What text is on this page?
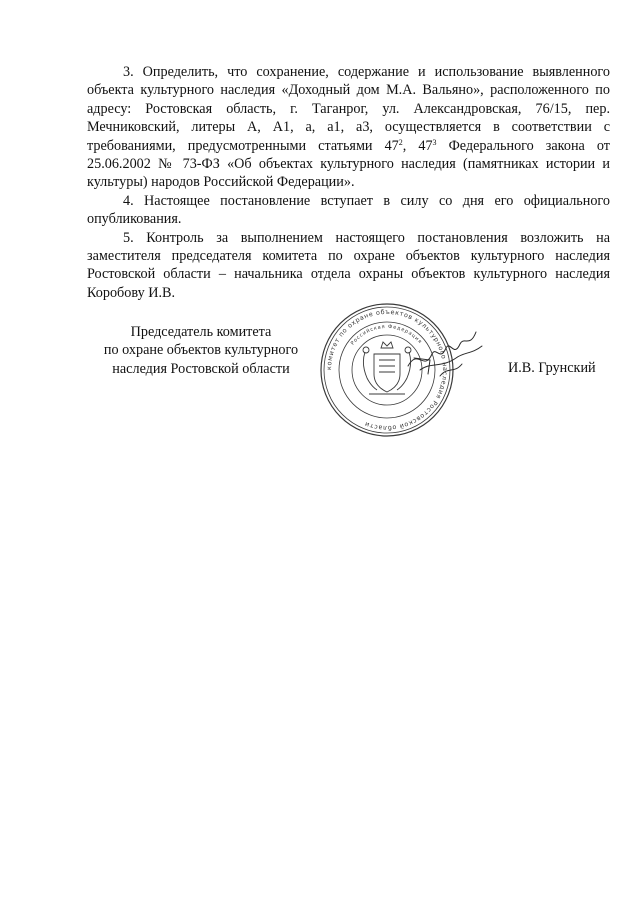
3. Определить, что сохранение, содержание и использование выявленного объекта культурного наследия «Доходный дом М.А. Вальяно», расположенного по адресу: Ростовская область, г. Таганрог, ул. Александровская, 76/15, пер. Мечниковский, литеры А, А1, а, а1, а3, осуществляется в соответствии с требованиями, предусмотренными статьями $47^2$, $47^3$ Федерального закона от 25.06.2002 № 73-ФЗ «Об объектах культурного наследия (памятниках истории и культуры) народов Российской Федерации».

4. Настоящее постановление вступает в силу со дня его официального опубликования.

5. Контроль за выполнением настоящего постановления возложить на заместителя председателя комитета по охране объектов культурного наследия Ростовской области – начальника отдела охраны объектов культурного наследия Коробову И.В.

Председатель комитета
по охране объектов культурного
наследия Ростовской области	комитет по охране объектов культурного наследия Ростовской области
Российская Федерация
И.В. Грунский
